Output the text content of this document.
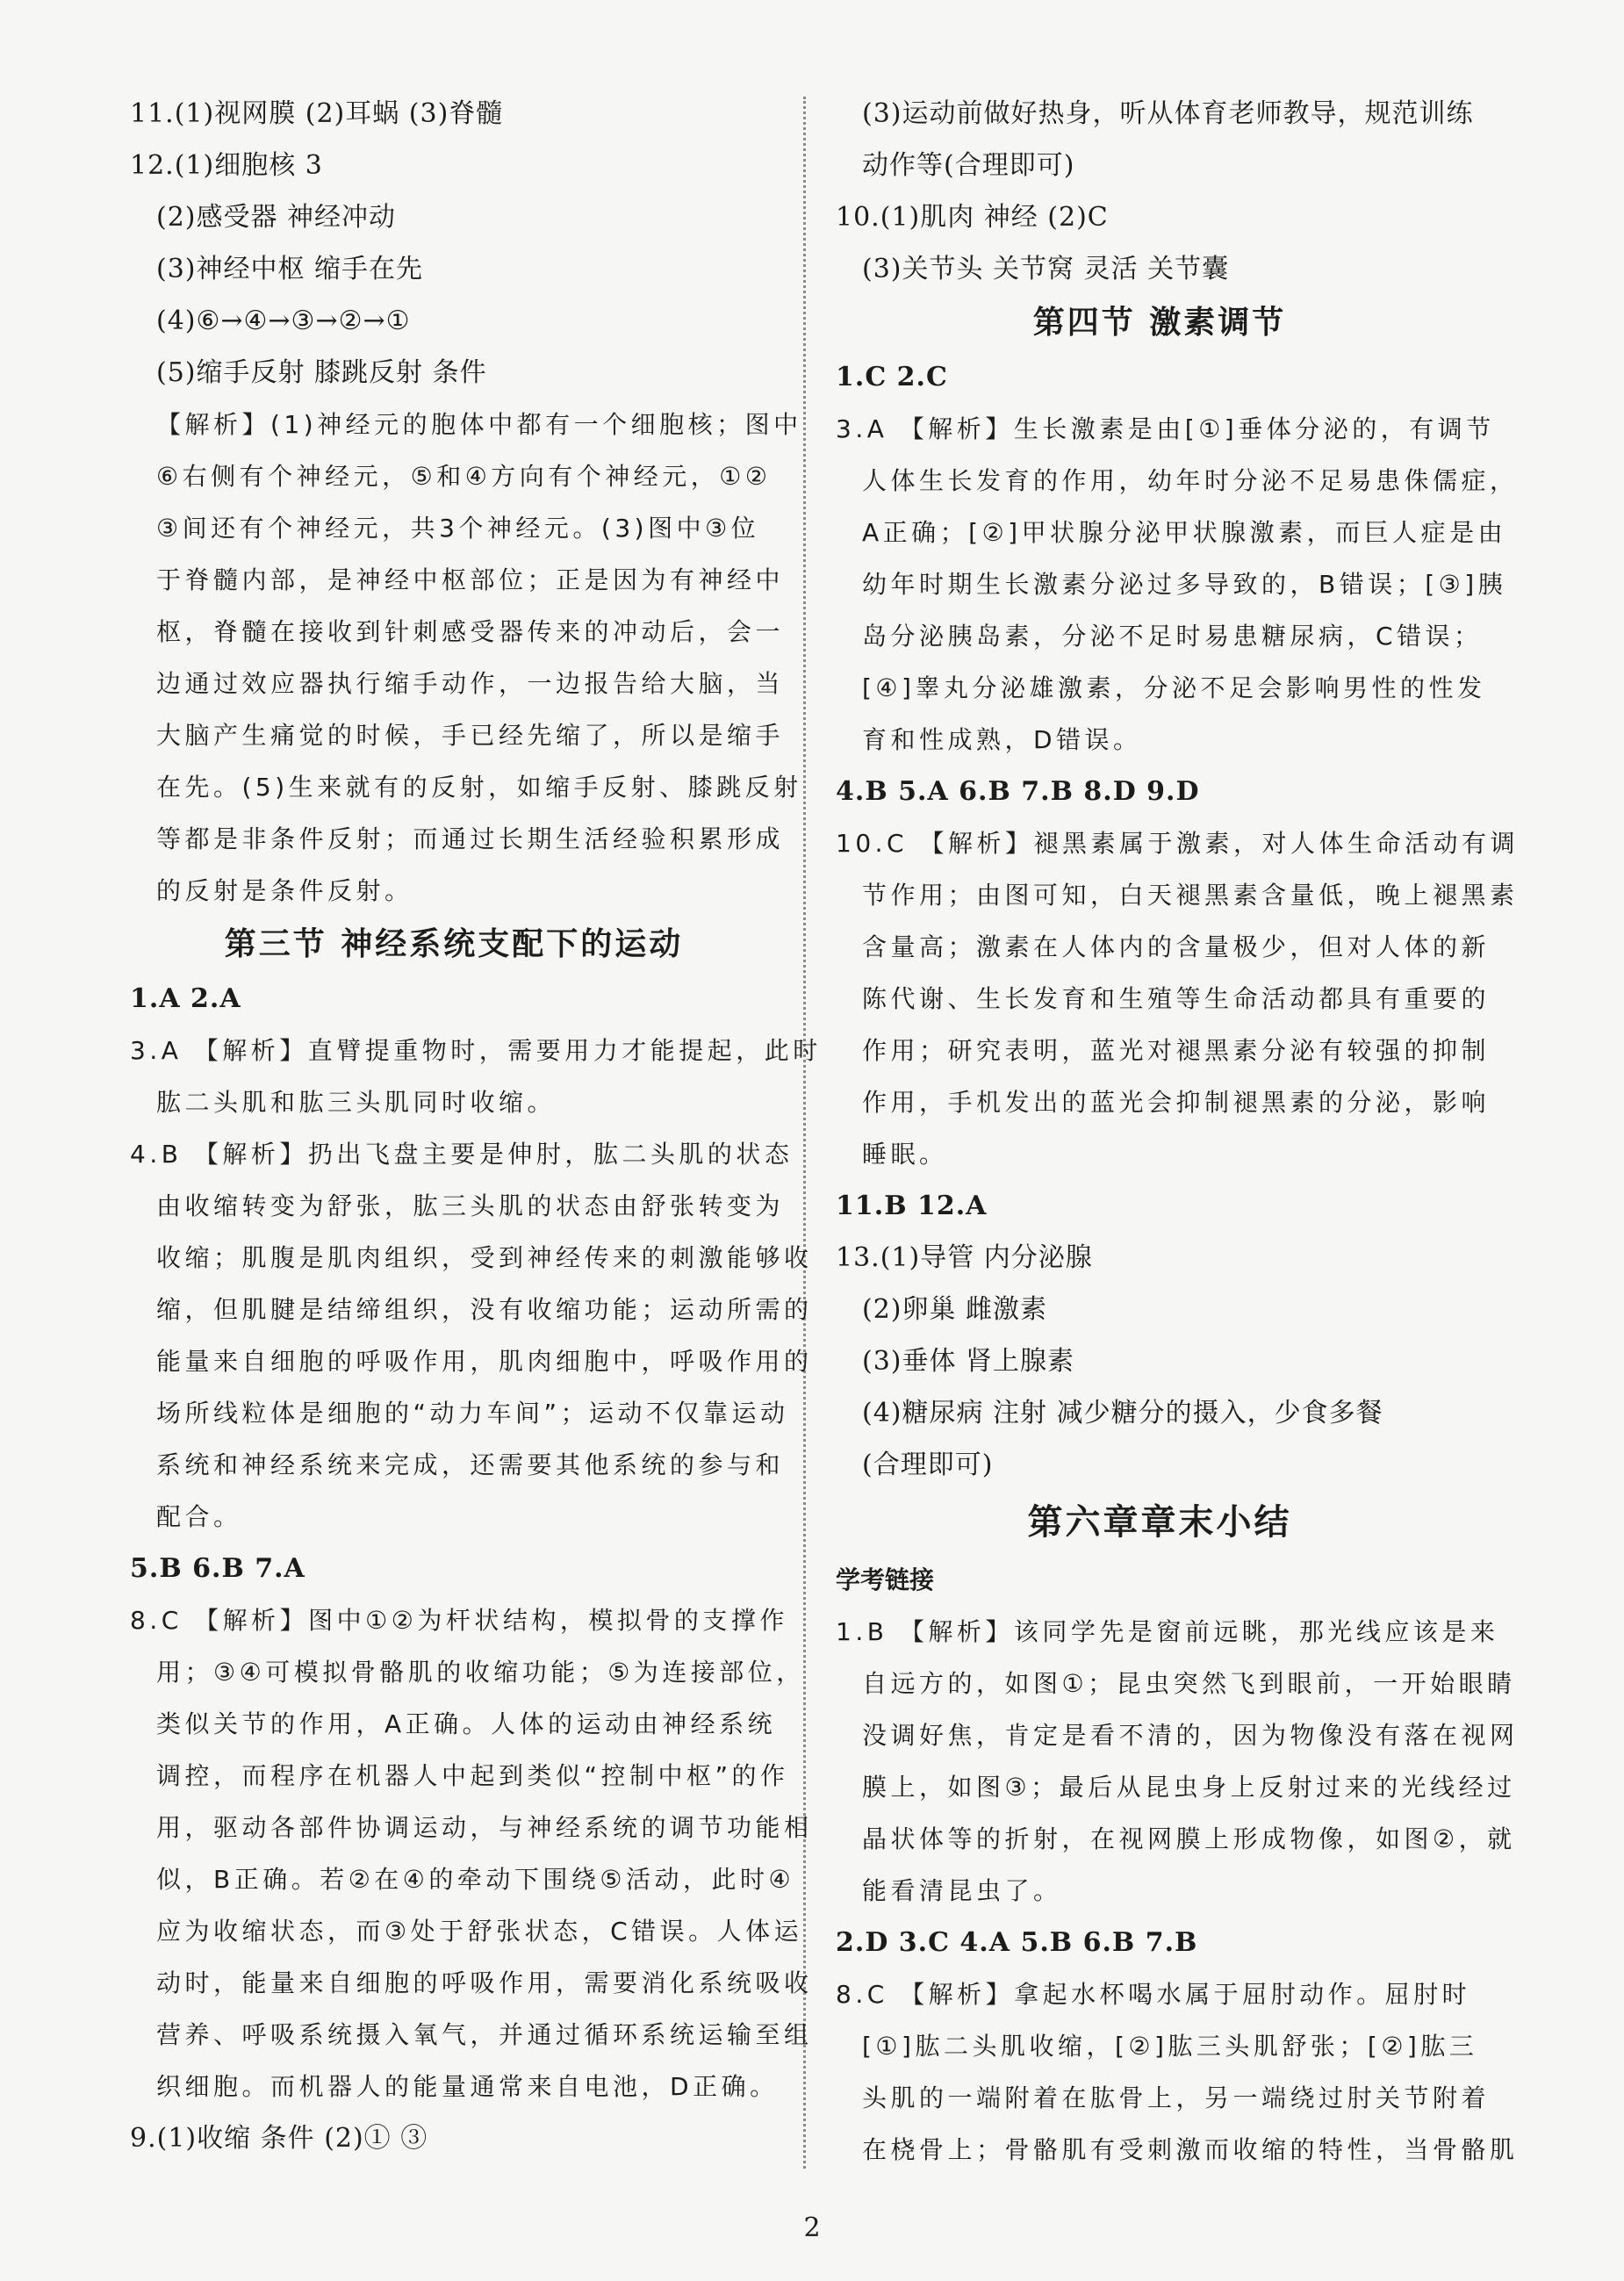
11.(1)视网膜 (2)耳蜗 (3)脊髓
12.(1)细胞核 3
(2)感受器 神经冲动
(3)神经中枢 缩手在先
(4)⑥→④→③→②→①
(5)缩手反射 膝跳反射 条件
【解析】(1)神经元的胞体中都有一个细胞核；图中
⑥右侧有个神经元，⑤和④方向有个神经元，①②
③间还有个神经元，共3个神经元。(3)图中③位
于脊髓内部，是神经中枢部位；正是因为有神经中
枢，脊髓在接收到针刺感受器传来的冲动后，会一
边通过效应器执行缩手动作，一边报告给大脑，当
大脑产生痛觉的时候，手已经先缩了，所以是缩手
在先。(5)生来就有的反射，如缩手反射、膝跳反射
等都是非条件反射；而通过长期生活经验积累形成
的反射是条件反射。
第三节 神经系统支配下的运动
1.A 2.A
3.A 【解析】直臂提重物时，需要用力才能提起，此时
肱二头肌和肱三头肌同时收缩。
4.B 【解析】扔出飞盘主要是伸肘，肱二头肌的状态
由收缩转变为舒张，肱三头肌的状态由舒张转变为
收缩；肌腹是肌肉组织，受到神经传来的刺激能够收
缩，但肌腱是结缔组织，没有收缩功能；运动所需的
能量来自细胞的呼吸作用，肌肉细胞中，呼吸作用的
场所线粒体是细胞的“动力车间”；运动不仅靠运动
系统和神经系统来完成，还需要其他系统的参与和
配合。
5.B 6.B 7.A
8.C 【解析】图中①②为杆状结构，模拟骨的支撑作
用；③④可模拟骨骼肌的收缩功能；⑤为连接部位，
类似关节的作用，A正确。人体的运动由神经系统
调控，而程序在机器人中起到类似“控制中枢”的作
用，驱动各部件协调运动，与神经系统的调节功能相
似，B正确。若②在④的牵动下围绕⑤活动，此时④
应为收缩状态，而③处于舒张状态，C错误。人体运
动时，能量来自细胞的呼吸作用，需要消化系统吸收
营养、呼吸系统摄入氧气，并通过循环系统运输至组
织细胞。而机器人的能量通常来自电池，D正确。
9.(1)收缩 条件 (2)① ③
(3)运动前做好热身，听从体育老师教导，规范训练
动作等(合理即可)
10.(1)肌肉 神经 (2)C
(3)关节头 关节窝 灵活 关节囊
第四节 激素调节
1.C 2.C
3.A 【解析】生长激素是由[①]垂体分泌的，有调节
人体生长发育的作用，幼年时分泌不足易患侏儒症，
A正确；[②]甲状腺分泌甲状腺激素，而巨人症是由
幼年时期生长激素分泌过多导致的，B错误；[③]胰
岛分泌胰岛素，分泌不足时易患糖尿病，C错误；
[④]睾丸分泌雄激素，分泌不足会影响男性的性发
育和性成熟，D错误。
4.B 5.A 6.B 7.B 8.D 9.D
10.C 【解析】褪黑素属于激素，对人体生命活动有调
节作用；由图可知，白天褪黑素含量低，晚上褪黑素
含量高；激素在人体内的含量极少，但对人体的新
陈代谢、生长发育和生殖等生命活动都具有重要的
作用；研究表明，蓝光对褪黑素分泌有较强的抑制
作用，手机发出的蓝光会抑制褪黑素的分泌，影响
睡眠。
11.B 12.A
13.(1)导管 内分泌腺
(2)卵巢 雌激素
(3)垂体 肾上腺素
(4)糖尿病 注射 减少糖分的摄入，少食多餐
(合理即可)
第六章章末小结
学考链接
1.B 【解析】该同学先是窗前远眺，那光线应该是来
自远方的，如图①；昆虫突然飞到眼前，一开始眼睛
没调好焦，肯定是看不清的，因为物像没有落在视网
膜上，如图③；最后从昆虫身上反射过来的光线经过
晶状体等的折射，在视网膜上形成物像，如图②，就
能看清昆虫了。
2.D 3.C 4.A 5.B 6.B 7.B
8.C 【解析】拿起水杯喝水属于屈肘动作。屈肘时
[①]肱二头肌收缩，[②]肱三头肌舒张；[②]肱三
头肌的一端附着在肱骨上，另一端绕过肘关节附着
在桡骨上；骨骼肌有受刺激而收缩的特性，当骨骼肌
2
